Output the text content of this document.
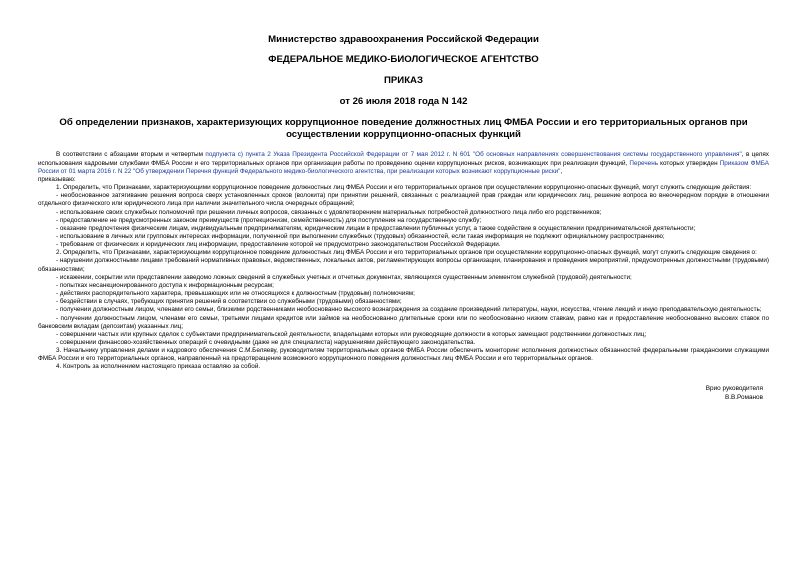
Министерство здравоохранения Российской Федерации
ФЕДЕРАЛЬНОЕ МЕДИКО-БИОЛОГИЧЕСКОЕ АГЕНТСТВО
ПРИКАЗ
от 26 июля 2018 года N 142
Об определении признаков, характеризующих коррупционное поведение должностных лиц ФМБА России и его территориальных органов при осуществлении коррупционно-опасных функций

В соответствии с абзацами вторым и четвертым подпункта с) пункта 2 Указа Президента Российской Федерации от 7 мая 2012 г. N 601 "Об основных направлениях совершенствования системы государственного управления", в целях использования кадровыми службами ФМБА России и его территориальных органов при организации работы по проведению оценки коррупционных рисков, возникающих при реализации функций, Перечень которых утвержден Приказом ФМБА России от 01 марта 2016 г. N 22 "Об утверждении Перечня функций Федерального медико-биологического агентства, при реализации которых возникают коррупционные риски",

приказываю:

1. Определить, что Признаками, характеризующими коррупционное поведение должностных лиц ФМБА России и его территориальных органов при осуществлении коррупционно-опасных функций, могут служить следующие действия:

- необоснованное затягивание решения вопроса сверх установленных сроков (волокита) при принятии решений, связанных с реализацией прав граждан или юридических лиц, решение вопроса во внеочередном порядке в отношении отдельного физического или юридического лица при наличии значительного числа очередных обращений;

- использование своих служебных полномочий при решении личных вопросов, связанных с удовлетворением материальных потребностей должностного лица либо его родственников;

- предоставление не предусмотренных законом преимуществ (протекционизм, семейственность) для поступления на государственную службу;

- оказание предпочтения физическим лицам, индивидуальным предпринимателям, юридическим лицам в предоставлении публичных услуг, а также содействие в осуществлении предпринимательской деятельности;

- использование в личных или групповых интересах информации, полученной при выполнении служебных (трудовых) обязанностей, если такая информация не подлежит официальному распространению;

- требование от физических и юридических лиц информации, предоставление которой не предусмотрено законодательством Российской Федерации.

2. Определить, что Признаками, характеризующими коррупционное поведение должностных лиц ФМБА России и его территориальных органов при осуществлении коррупционно-опасных функций, могут служить следующие сведения о:

- нарушении должностными лицами требований нормативных правовых, ведомственных, локальных актов, регламентирующих вопросы организации, планирования и проведения мероприятий, предусмотренных должностными (трудовыми) обязанностями;

- искажении, сокрытии или представлении заведомо ложных сведений в служебных учетных и отчетных документах, являющихся существенным элементом служебной (трудовой) деятельности;

- попытках несанкционированного доступа к информационным ресурсам;

- действиях распорядительного характера, превышающих или не относящихся к должностным (трудовым) полномочиям;

- бездействии в случаях, требующих принятия решений в соответствии со служебными (трудовыми) обязанностями;

- получении должностным лицом, членами его семьи, близкими родственниками необоснованно высокого вознаграждения за создание произведений литературы, науки, искусства, чтение лекций и иную преподавательскую деятельность;

- получении должностным лицом, членами его семьи, третьими лицами кредитов или займов на необоснованно длительные сроки или по необоснованно низким ставкам, равно как и предоставление необоснованно высоких ставок по банковским вкладам (депозитам) указанных лиц;

- совершении частых или крупных сделок с субъектами предпринимательской деятельности, владельцами которых или руководящие должности в которых замещают родственники должностных лиц;

- совершении финансово-хозяйственных операций с очевидными (даже не для специалиста) нарушениями действующего законодательства.

3. Начальнику управления делами и кадрового обеспечения С.М.Беляеву, руководителям территориальных органов ФМБА России обеспечить мониторинг исполнения должностных обязанностей федеральными гражданскими служащими ФМБА России и его территориальных органов, направленный на предотвращение возможного коррупционного поведения должностных лиц ФМБА России и его территориальных органов.

4. Контроль за исполнением настоящего приказа оставляю за собой.

Врио руководителя
В.В.Романов
